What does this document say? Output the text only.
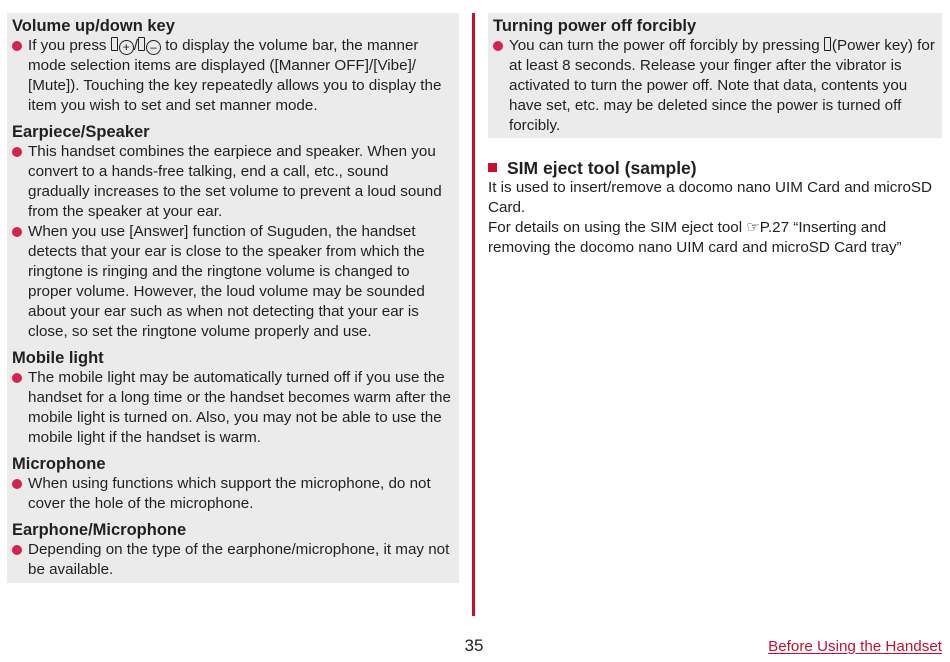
Volume up/down key
If you press + / – to display the volume bar, the manner mode selection items are displayed ([Manner OFF]/[Vibe]/ [Mute]). Touching the key repeatedly allows you to display the item you wish to set and set manner mode.
Earpiece/Speaker
This handset combines the earpiece and speaker. When you convert to a hands-free talking, end a call, etc., sound gradually increases to the set volume to prevent a loud sound from the speaker at your ear.
When you use [Answer] function of Suguden, the handset detects that your ear is close to the speaker from which the ringtone is ringing and the ringtone volume is changed to proper volume. However, the loud volume may be sounded about your ear such as when not detecting that your ear is close, so set the ringtone volume properly and use.
Mobile light
The mobile light may be automatically turned off if you use the handset for a long time or the handset becomes warm after the mobile light is turned on. Also, you may not be able to use the mobile light if the handset is warm.
Microphone
When using functions which support the microphone, do not cover the hole of the microphone.
Earphone/Microphone
Depending on the type of the earphone/microphone, it may not be available.
Turning power off forcibly
You can turn the power off forcibly by pressing (Power key) for at least 8 seconds. Release your finger after the vibrator is activated to turn the power off. Note that data, contents you have set, etc. may be deleted since the power is turned off forcibly.
SIM eject tool (sample)
It is used to insert/remove a docomo nano UIM Card and microSD Card.
For details on using the SIM eject tool ☞P.27 “Inserting and removing the docomo nano UIM card and microSD Card tray”
35	Before Using the Handset
